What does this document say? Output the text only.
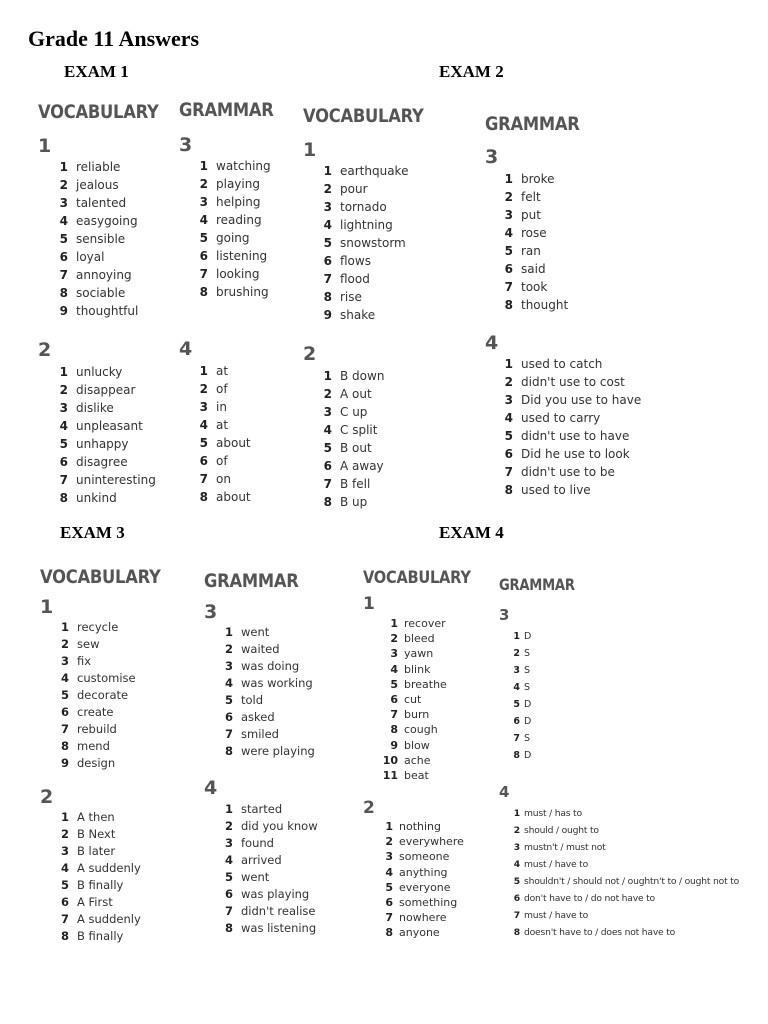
Grade 11 Answers
EXAM 1	EXAM 2
EXAM 3	EXAM 4
VOCABULARY
1
1 reliable
2 jealous
3 talented
4 easygoing
5 sensible
6 loyal
7 annoying
8 sociable
9 thoughtful
2
1 unlucky
2 disappear
3 dislike
4 unpleasant
5 unhappy
6 disagree
7 uninteresting
8 unkind
GRAMMAR
3
1 watching
2 playing
3 helping
4 reading
5 going
6 listening
7 looking
8 brushing
4
1 at
2 of
3 in
4 at
5 about
6 of
7 on
8 about
VOCABULARY
1
1 earthquake
2 pour
3 tornado
4 lightning
5 snowstorm
6 flows
7 flood
8 rise
9 shake
2
1 B down
2 A out
3 C up
4 C split
5 B out
6 A away
7 B fell
8 B up
GRAMMAR
3
1 broke
2 felt
3 put
4 rose
5 ran
6 said
7 took
8 thought
4
1 used to catch
2 didn't use to cost
3 Did you use to have
4 used to carry
5 didn't use to have
6 Did he use to look
7 didn't use to be
8 used to live
VOCABULARY
1
1 recycle
2 sew
3 fix
4 customise
5 decorate
6 create
7 rebuild
8 mend
9 design
2
1 A then
2 B Next
3 B later
4 A suddenly
5 B finally
6 A First
7 A suddenly
8 B finally
GRAMMAR
3
1 went
2 waited
3 was doing
4 was working
5 told
6 asked
7 smiled
8 were playing
4
1 started
2 did you know
3 found
4 arrived
5 went
6 was playing
7 didn't realise
8 was listening
VOCABULARY
1
1 recover
2 bleed
3 yawn
4 blink
5 breathe
6 cut
7 burn
8 cough
9 blow
10 ache
11 beat
2
1 nothing
2 everywhere
3 someone
4 anything
5 everyone
6 something
7 nowhere
8 anyone
GRAMMAR
3
1 D
2 S
3 S
4 S
5 D
6 D
7 S
8 D
4
1 must / has to
2 should / ought to
3 mustn't / must not
4 must / have to
5 shouldn't / should not / oughtn't to / ought not to
6 don't have to / do not have to
7 must / have to
8 doesn't have to / does not have to
